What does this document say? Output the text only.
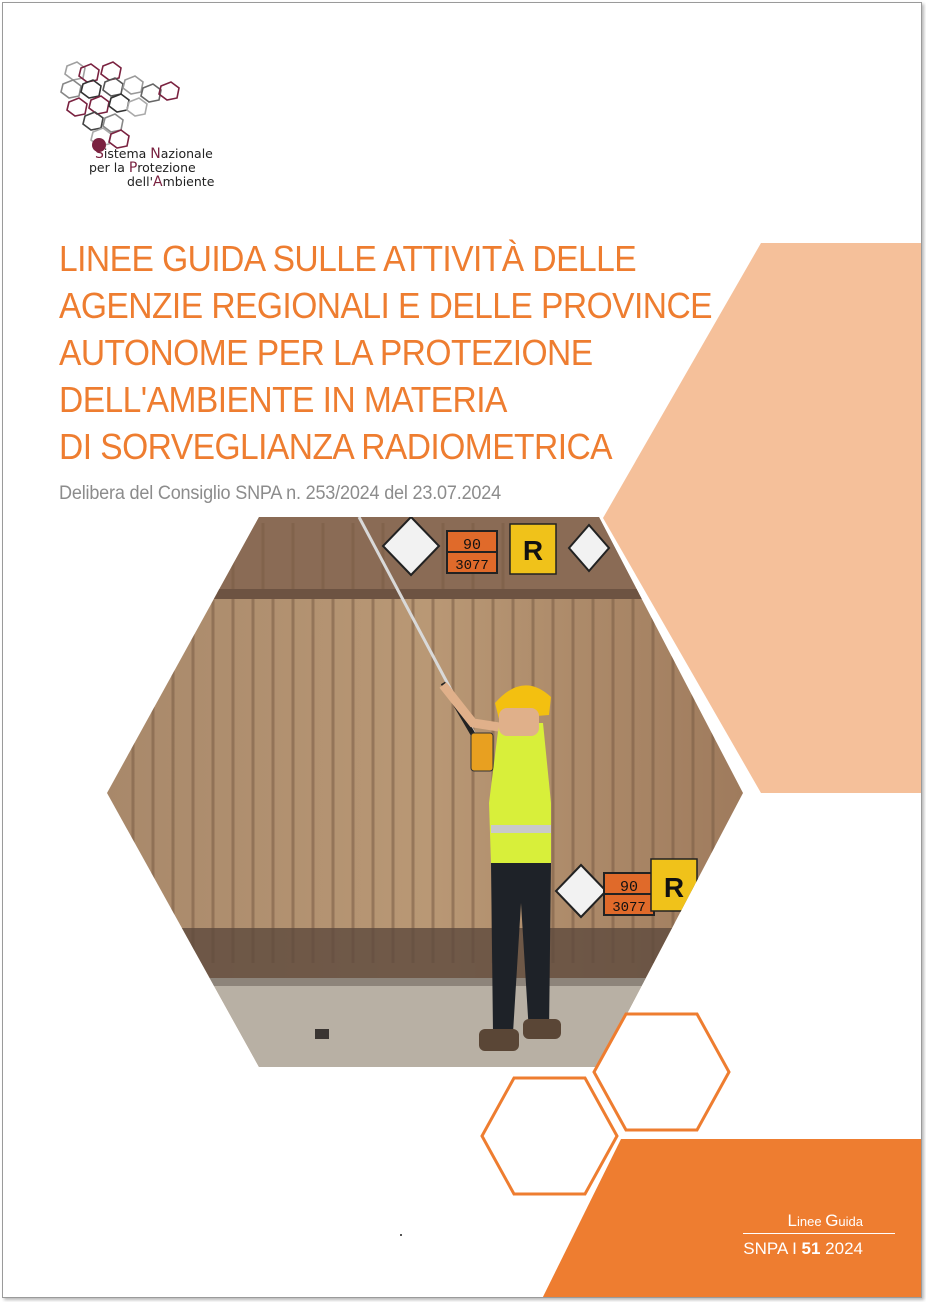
Sistema Nazionale
per la Protezione
dell'Ambiente
LINEE GUIDA SULLE ATTIVITÀ DELLE
AGENZIE REGIONALI E DELLE PROVINCE
AUTONOME PER LA PROTEZIONE
DELL'AMBIENTE IN MATERIA
DI SORVEGLIANZA RADIOMETRICA
Delibera del Consiglio SNPA n. 253/2024 del 23.07.2024
90
3077 R
90
3077
R
Linee Guida
SNPA I 51 2024
